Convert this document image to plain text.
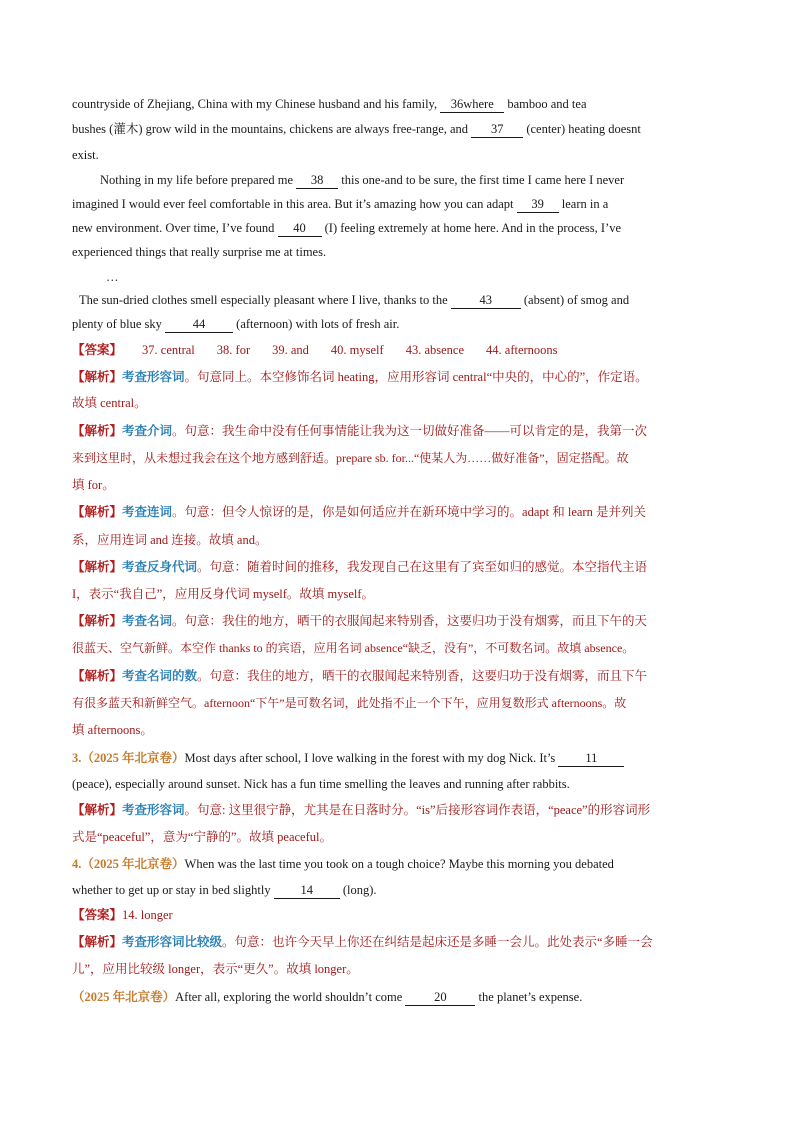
countryside of Zhejiang, China with my Chinese husband and his family, 36where bamboo and tea
bushes (灌木) grow wild in the mountains, chickens are always free-range, and 37 (center) heating doesnt
exist.
Nothing in my life before prepared me 38 this one-and to be sure, the first time I came here I never
imagined I would ever feel comfortable in this area. But it’s amazing how you can adapt 39 learn in a
new environment. Over time, I’ve found 40 (I) feeling extremely at home here. And in the process, I’ve
experienced things that really surprise me at times.
…
The sun-dried clothes smell especially pleasant where I live, thanks to the 43 (absent) of smog and
plenty of blue sky 44 (afternoon) with lots of fresh air.
【答案】 37. central 38. for 39. and 40. myself 43. absence 44. afternoons
【解析】考查形容词。句意同上。本空修饰名词 heating，应用形容词 central“中央的，中心的”，作定语。
故填 central。
【解析】考查介词。句意：我生命中没有任何事情能让我为这一切做好准备——可以肯定的是，我第一次
来到这里时，从未想过我会在这个地方感到舒适。prepare sb. for...“使某人为……做好准备”，固定搭配。故
填 for。
【解析】考查连词。句意：但令人惊讶的是，你是如何适应并在新环境中学习的。adapt 和 learn 是并列关
系，应用连词 and 连接。故填 and。
【解析】考查反身代词。句意：随着时间的推移，我发现自己在这里有了宾至如归的感觉。本空指代主语
I，表示“我自己”，应用反身代词 myself。故填 myself。
【解析】考查名词。句意：我住的地方，晒干的衣服闻起来特别香，这要归功于没有烟雾，而且下午的天
很蓝天、空气新鲜。本空作 thanks to 的宾语，应用名词 absence“缺乏，没有”，不可数名词。故填 absence。
【解析】考查名词的数。句意：我住的地方，晒干的衣服闻起来特别香，这要归功于没有烟雾，而且下午
有很多蓝天和新鲜空气。afternoon“下午”是可数名词，此处指不止一个下午，应用复数形式 afternoons。故
填 afternoons。
3.（2025 年北京卷）Most days after school, I love walking in the forest with my dog Nick. It’s 11
(peace), especially around sunset. Nick has a fun time smelling the leaves and running after rabbits.
【解析】考查形容词。句意: 这里很宁静，尤其是在日落时分。“is”后接形容词作表语，“peace”的形容词形
式是“peaceful”，意为“宁静的”。故填 peaceful。
4.（2025 年北京卷）When was the last time you took on a tough choice? Maybe this morning you debated
whether to get up or stay in bed slightly 14 (long).
【答案】14. longer
【解析】考查形容词比较级。句意：也许今天早上你还在纠结是起床还是多睡一会儿。此处表示“多睡一会
儿”，应用比较级 longer，表示“更久”。故填 longer。
（2025 年北京卷）After all, exploring the world shouldn’t come 20 the planet’s expense.
